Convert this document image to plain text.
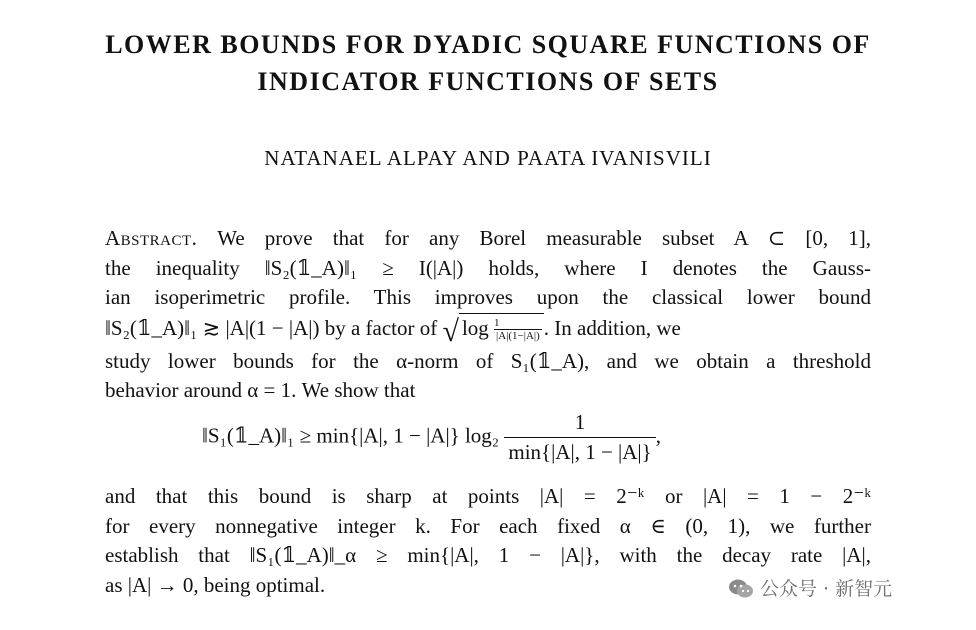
LOWER BOUNDS FOR DYADIC SQUARE FUNCTIONS OF
INDICATOR FUNCTIONS OF SETS
NATANAEL ALPAY AND PAATA IVANISVILI
Abstract. We prove that for any Borel measurable subset A ⊂ [0, 1],
the inequality ‖S₂(𝟙_A)‖₁ ≥ I(|A|) holds, where I denotes the Gauss-
ian isoperimetric profile. This improves upon the classical lower bound
‖S₂(𝟙_A)‖₁ ≳ |A|(1 − |A|) by a factor of √ $\log \frac{1}{|A|(1-|A|)}$ . In addition, we
study lower bounds for the α-norm of S₁(𝟙_A), and we obtain a threshold
behavior around α = 1. We show that
‖S₁(𝟙_A)‖₁ ≥ min{|A|, 1 − |A|} $\log_2 \frac{1}{\min\{|A|, 1 - |A|\}}$ ,
and that this bound is sharp at points |A| = 2⁻ᵏ or |A| = 1 − 2⁻ᵏ
for every nonnegative integer k. For each fixed α ∈ (0, 1), we further
establish that ‖S₁(𝟙_A)‖_α ≥ min{|A|, 1 − |A|}, with the decay rate |A|,
as |A| → 0, being optimal.	公众号 · 新智元
